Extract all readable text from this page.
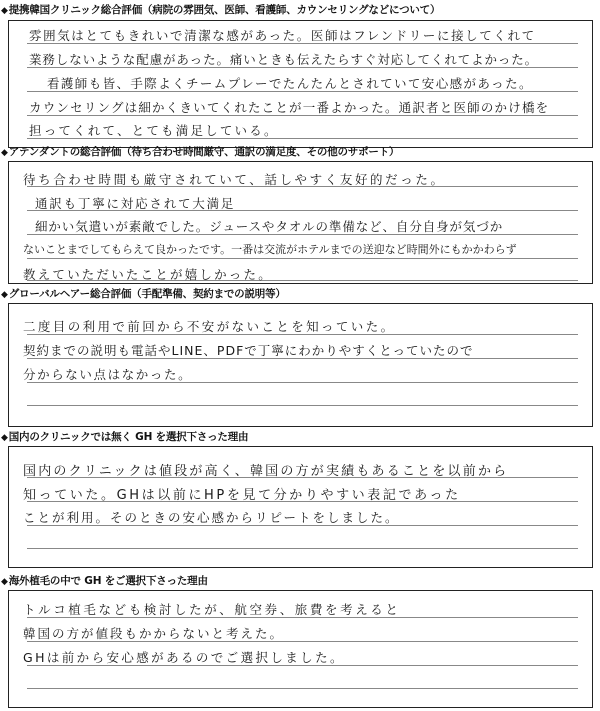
◆提携韓国クリニック総合評価（病院の雰囲気、医師、看護師、カウンセリングなどについて）
雰囲気はとてもきれいで清潔な感があった。医師はフレンドリーに接してくれて
業務しないような配慮があった。痛いときも伝えたらすぐ対応してくれてよかった。
看護師も皆、手際よくチームプレーでたんたんとされていて安心感があった。
カウンセリングは細かくきいてくれたことが一番よかった。通訳者と医師のかけ橋を
担ってくれて、とても満足している。
◆アテンダントの総合評価（待ち合わせ時間厳守、通訳の満足度、その他のサポート）
待ち合わせ時間も厳守されていて、話しやすく友好的だった。
通訳も丁寧に対応されて大満足
細かい気遣いが素敵でした。ジュースやタオルの準備など、自分自身が気づか
ないことまでしてもらえて良かったです。一番は交流がホテルまでの送迎など時間外にもかかわらず
教えていただいたことが嬉しかった。
◆グローバルヘアー総合評価（手配準備、契約までの説明等）
二度目の利用で前回から不安がないことを知っていた。
契約までの説明も電話やLINE、PDFで丁寧にわかりやすくとっていたので
分からない点はなかった。
◆国内のクリニックでは無く GH を選択下さった理由
国内のクリニックは値段が高く、韓国の方が実績もあることを以前から
知っていた。GHは以前にHPを見て分かりやすい表記であった
ことが利用。そのときの安心感からリピートをしました。
◆海外植毛の中で GH をご選択下さった理由
トルコ植毛なども検討したが、航空券、旅費を考えると
韓国の方が値段もかからないと考えた。
GHは前から安心感があるのでご選択しました。
